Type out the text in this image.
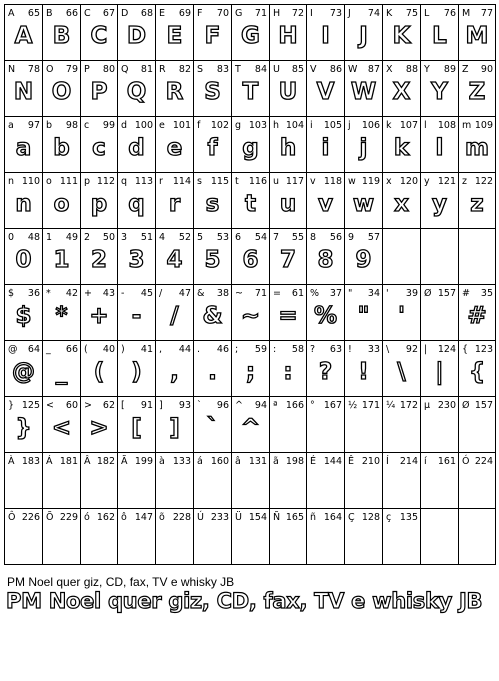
A 65
A
B 66
B
C 67
C
D 68
D
E 69
E
F 70
F
G 71
G
H 72
H
I 73
I
J 74
J
K 75
K
L 76
L
M 77
M
N 78
N
O 79
O
P 80
P
Q 81
Q
R 82
R
S 83
S
T 84
T
U 85
U
V 86
V
W 87
W
X 88
X
Y 89
Y
Z 90
Z
a 97
a
b 98
b
c 99
c
d 100
d
e 101
e
f 102
f
g 103
g
h 104
h
i 105
i
j 106
j
k 107
k
l 108
l
m 109
m
n 110
n
o 111
o
p 112
p
q 113
q
r 114
r
s 115
s
t 116
t
u 117
u
v 118
v
w 119
w
x 120
x
y 121
y
z 122
z
0 48
0
1 49
1
2 50
2
3 51
3
4 52
4
5 53
5
6 54
6
7 55
7
8 56
8
9 57
9
$ 36
$
* 42
*
+ 43
+
- 45
-
/ 47
/
& 38
&
~ 71
~
= 61
=
% 37
%
" 34
"
' 39
'
Ø 157 # 35
#
@ 64
@
_ 66
_
( 40
(
) 41
)
, 44
,
. 46
.
; 59
;
: 58
:
? 63
?
! 33
!
\ 92
\
| 124
|
{ 123
{
} 125
}
< 60
<
> 62
>
[ 91
[
] 93
]
` 96
`
^ 94
^
ª 166 ° 167 ½ 171 ¼ 172 µ 230 Ø 157
À 183 Á 181 Â 182 Ã 199 à 133 á 160 â 131 ã 198 É 144 Ê 210 Í 214 í 161 Ó 224
Ô 226 Õ 229 ó 162 ô 147 õ 228 Ú 233 Ü 154 Ñ 165 ñ 164 Ç 128 ç 135
PM Noel quer giz, CD, fax, TV e whisky JB
PM Noel quer giz, CD, fax, TV e whisky JB
